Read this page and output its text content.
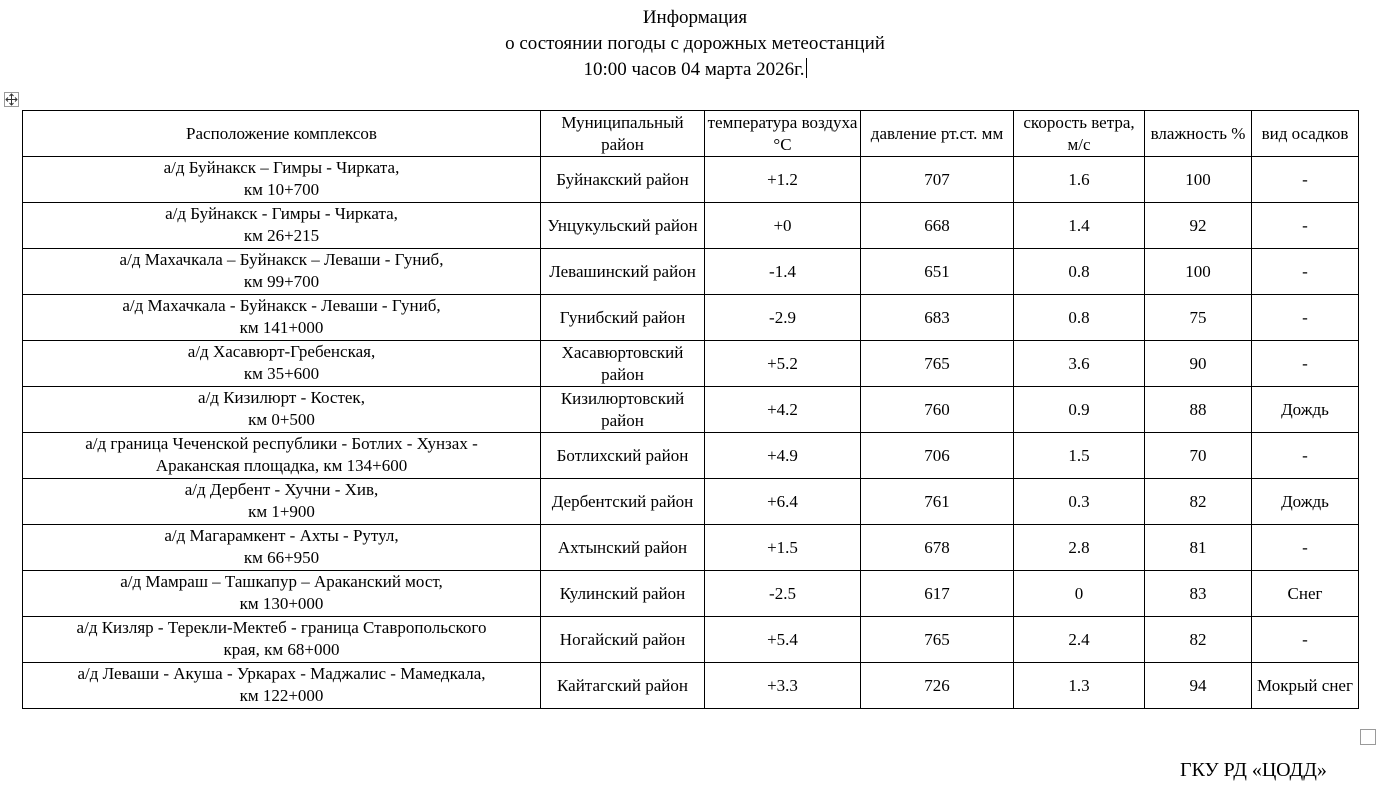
Информация
о состоянии погоды с дорожных метеостанций
10:00 часов 04 марта 2026г.
Расположение комплексов	Муниципальный район	температура воздуха °С	давление рт.ст. мм	скорость ветра, м/с	влажность %	вид осадков

а/д Буйнакск – Гимры - Чирката,
км 10+700	Буйнакский район	+1.2	707	1.6	100	-

а/д Буйнакск - Гимры - Чирката,
км 26+215	Унцукульский район	+0	668	1.4	92	-

а/д Махачкала – Буйнакск – Леваши - Гуниб,
км 99+700	Левашинский район	-1.4	651	0.8	100	-

а/д Махачкала - Буйнакск - Леваши - Гуниб,
км 141+000	Гунибский район	-2.9	683	0.8	75	-

а/д Хасавюрт-Гребенская,
км 35+600	Хасавюртовский район	+5.2	765	3.6	90	-

а/д Кизилюрт - Костек,
км 0+500	Кизилюртовский район	+4.2	760	0.9	88	Дождь

а/д граница Чеченской республики - Ботлих - Хунзах -
Араканская площадка, км 134+600	Ботлихский район	+4.9	706	1.5	70	-

а/д Дербент - Хучни - Хив,
км 1+900	Дербентский район	+6.4	761	0.3	82	Дождь

а/д Магарамкент - Ахты - Рутул,
км 66+950	Ахтынский район	+1.5	678	2.8	81	-

а/д Мамраш – Ташкапур – Араканский мост,
км 130+000	Кулинский район	-2.5	617	0	83	Снег

а/д Кизляр - Терекли-Мектеб - граница Ставропольского
края, км 68+000	Ногайский район	+5.4	765	2.4	82	-

а/д Леваши - Акуша - Уркарах - Маджалис - Мамедкала,
км 122+000	Кайтагский район	+3.3	726	1.3	94	Мокрый снег
ГКУ РД «ЦОДД»
